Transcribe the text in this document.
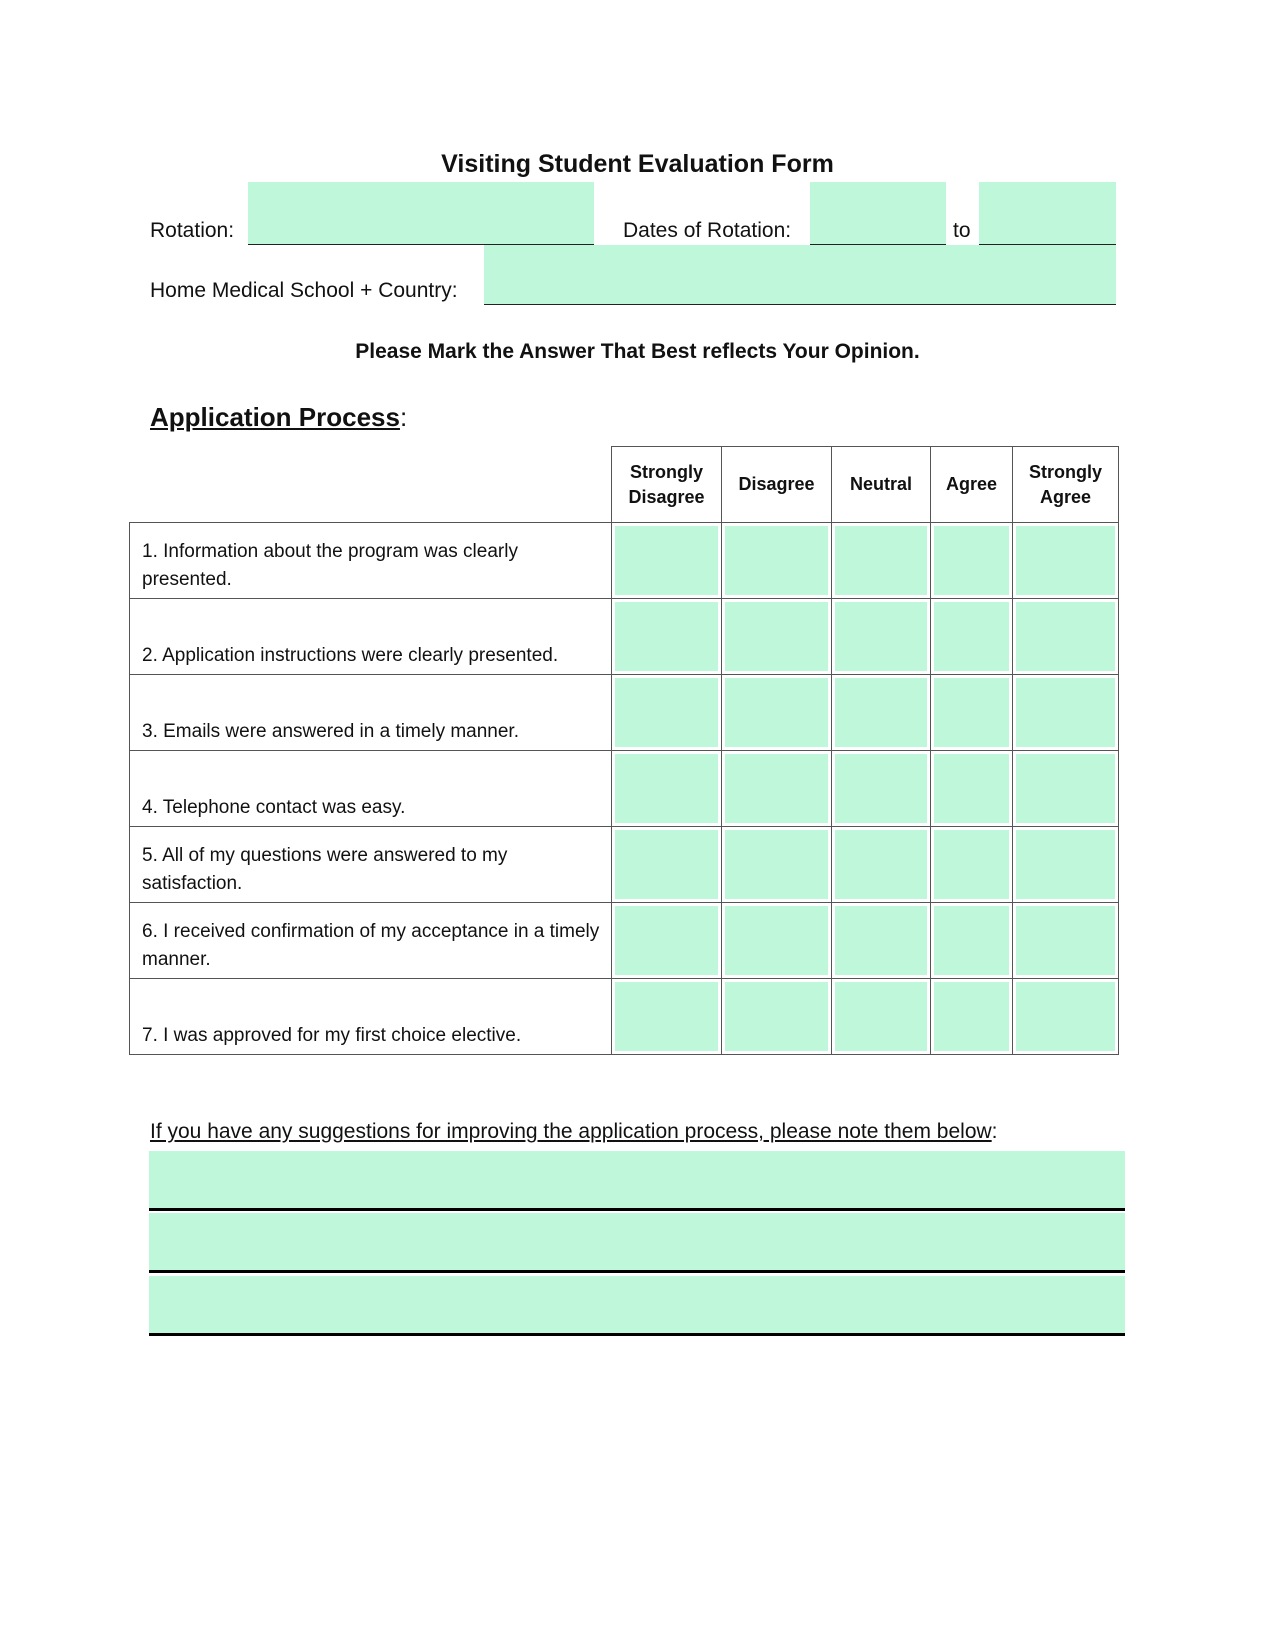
Visiting Student Evaluation Form
Rotation:	Dates of Rotation:	to
Home Medical School + Country:
Please Mark the Answer That Best reflects Your Opinion.
Application Process:
	Strongly Disagree	Disagree	Neutral	Agree	Strongly Agree
1. Information about the program was clearly presented.	

2. Application instructions were clearly presented.	

3. Emails were answered in a timely manner.	

4. Telephone contact was easy.	

5. All of my questions were answered to my satisfaction.	

6. I received confirmation of my acceptance in a timely manner.	

7. I was approved for my first choice elective.	

If you have any suggestions for improving the application process, please note them below:
